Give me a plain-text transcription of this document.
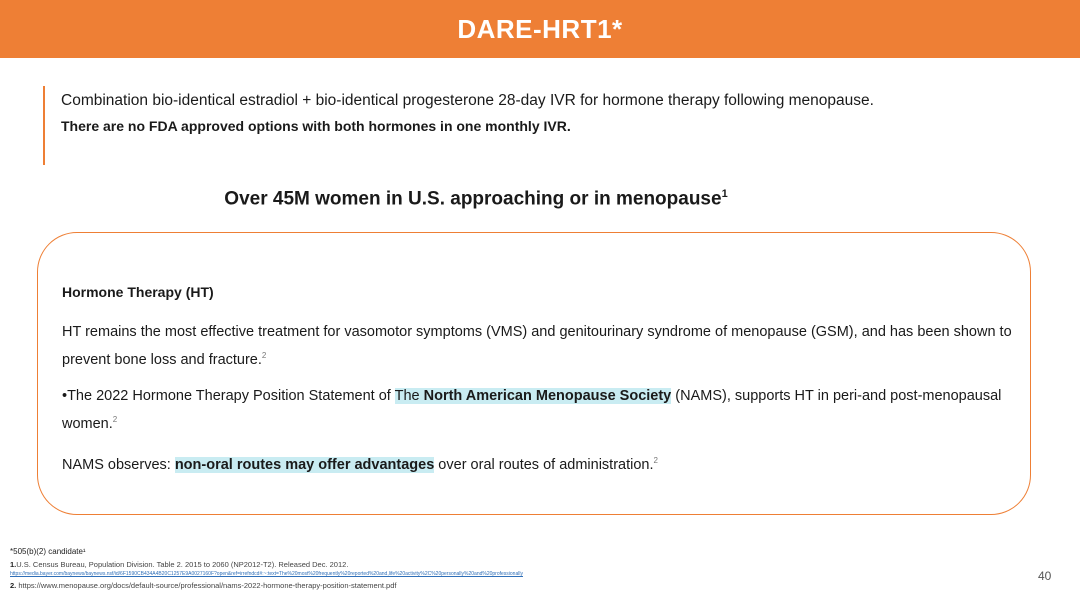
DARE-HRT1*
Combination bio-identical estradiol + bio-identical progesterone 28-day IVR for hormone therapy following menopause.
There are no FDA approved options with both hormones in one monthly IVR.
Over 45M women in U.S. approaching or in menopause$^1$
Hormone Therapy (HT)
HT remains the most effective treatment for vasomotor symptoms (VMS) and genitourinary syndrome of menopause (GSM), and has been shown to prevent bone loss and fracture.$^2$
•The 2022 Hormone Therapy Position Statement of The North American Menopause Society (NAMS), supports HT in peri-and post-menopausal women.$^2$
NAMS observes: non-oral routes may offer advantages over oral routes of administration.$^2$
*505(b)(2) candidate¹
1.U.S. Census Bureau, Population Division. Table 2. 2015 to 2060 (NP2012-T2). Released Dec. 2012.
https://media.bayer.com/baynews/baynews.nsf/id/6F1590CB434A4B20C1257E9A0027160F?open&ref=irrefndcd#:~:text=The%20most%20frequently%20reported%20and,life%20activity%2C%20personally%20and%20professionally
2. https://www.menopause.org/docs/default-source/professional/nams-2022-hormone-therapy-position-statement.pdf
40
